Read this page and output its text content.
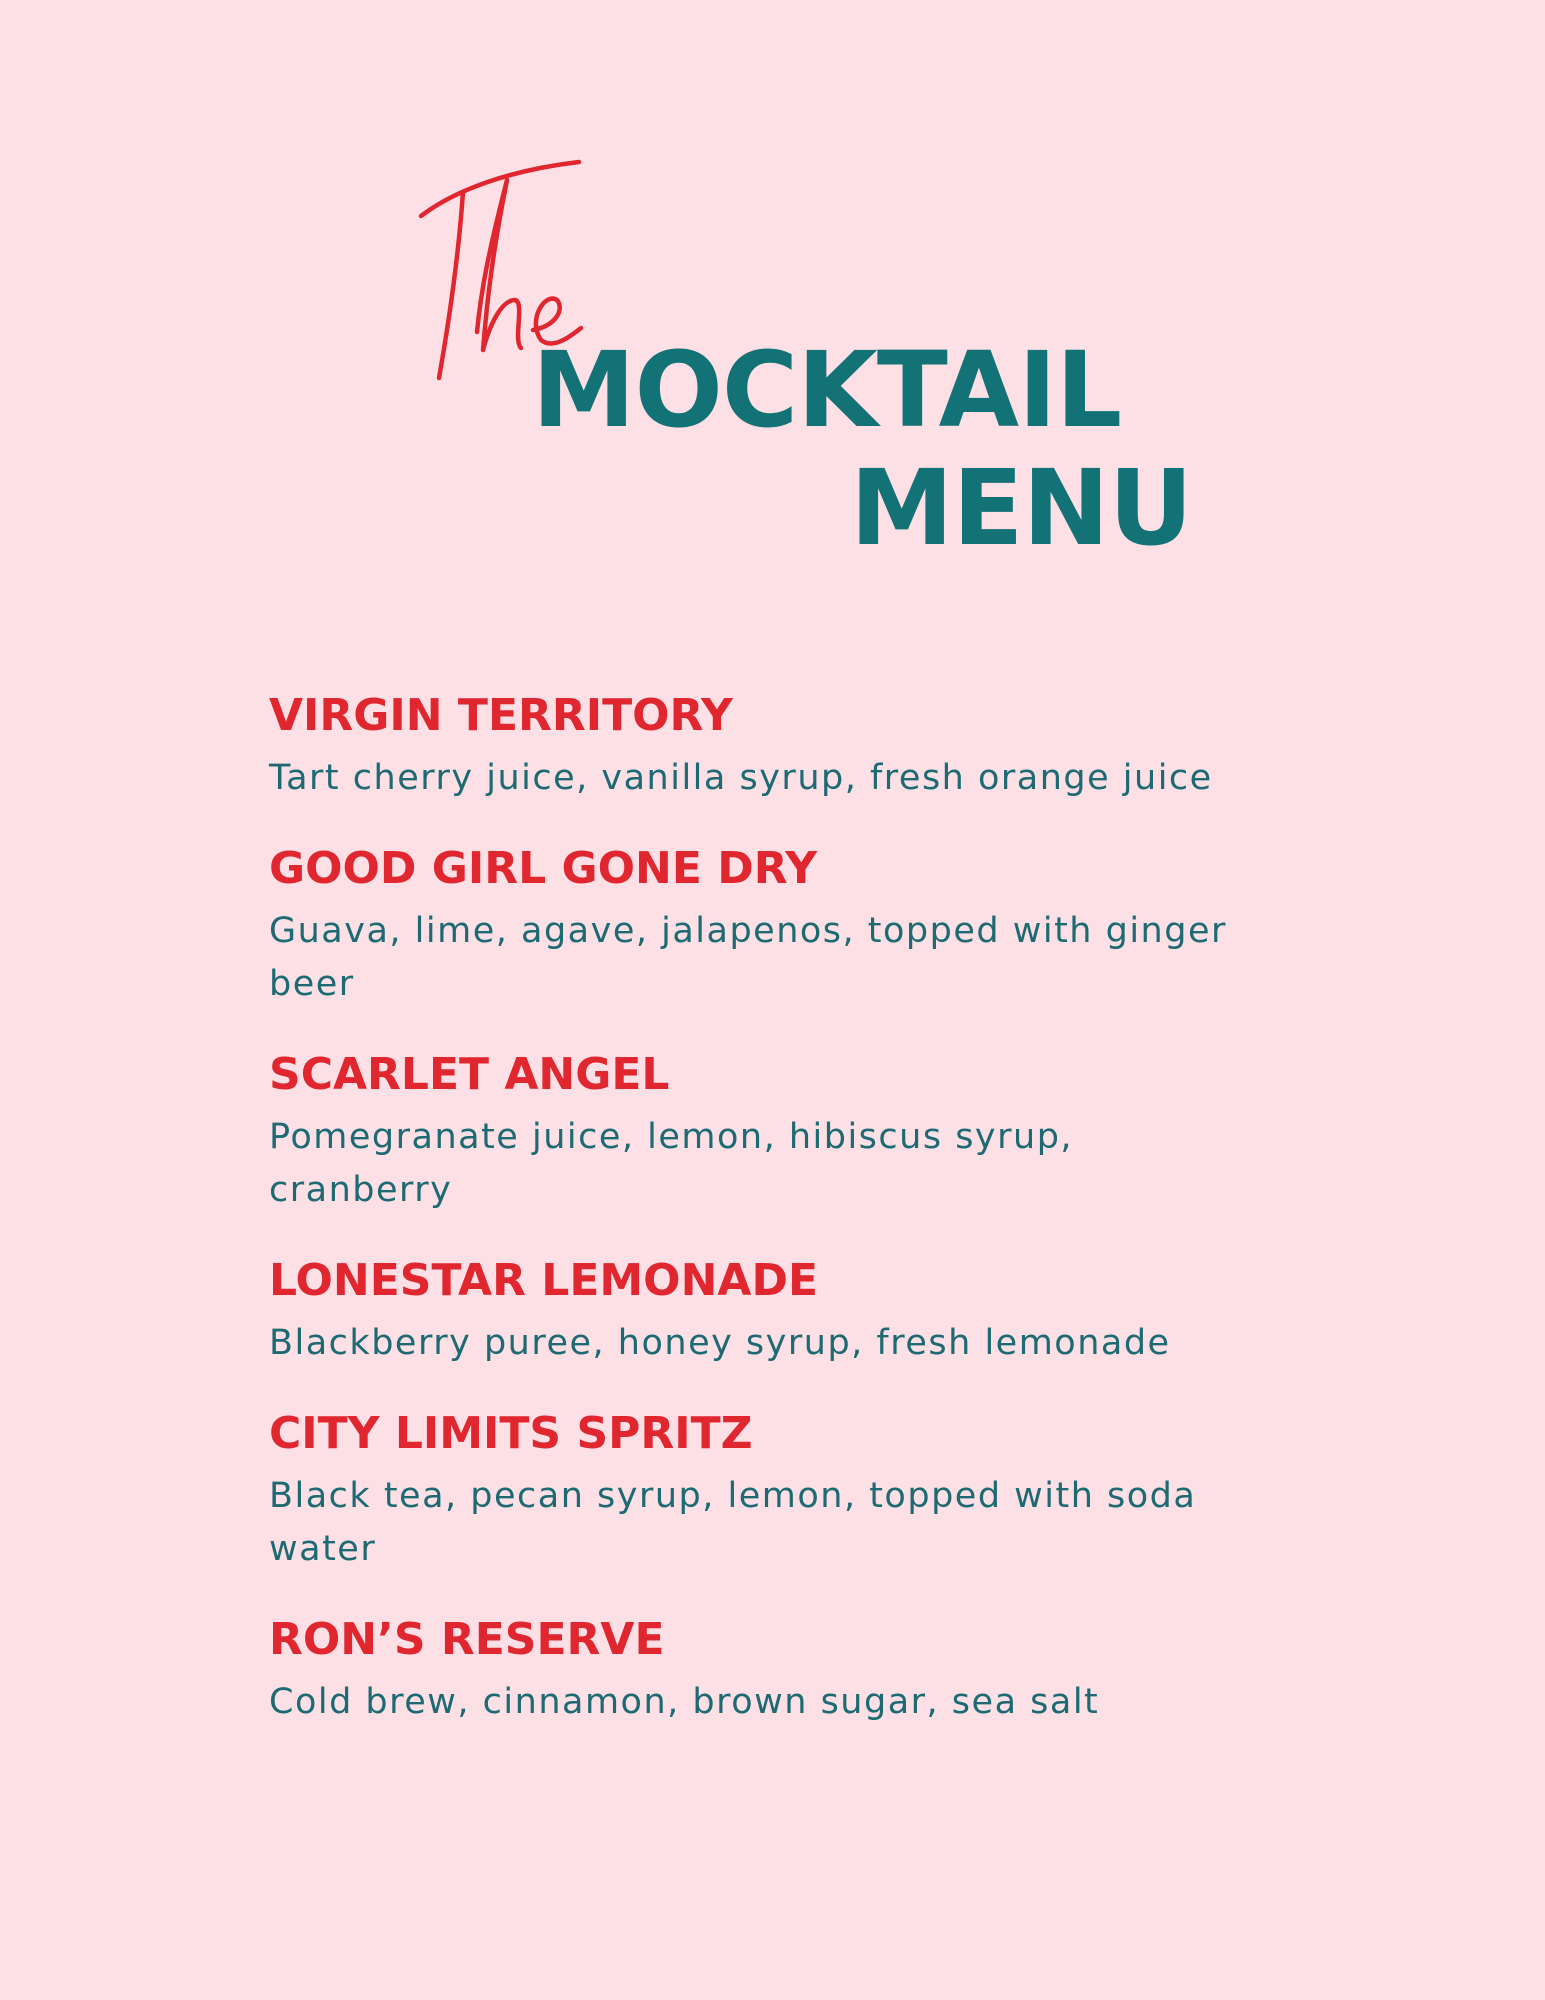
MOCKTAIL
MENU
VIRGIN TERRITORY
Tart cherry juice, vanilla syrup, fresh orange juice
GOOD GIRL GONE DRY
Guava, lime, agave, jalapenos, topped with ginger beer
SCARLET ANGEL
Pomegranate juice, lemon, hibiscus syrup, cranberry
LONESTAR LEMONADE
Blackberry puree, honey syrup, fresh lemonade
CITY LIMITS SPRITZ
Black tea, pecan syrup, lemon, topped with soda water
RON’S RESERVE
Cold brew, cinnamon, brown sugar, sea salt
